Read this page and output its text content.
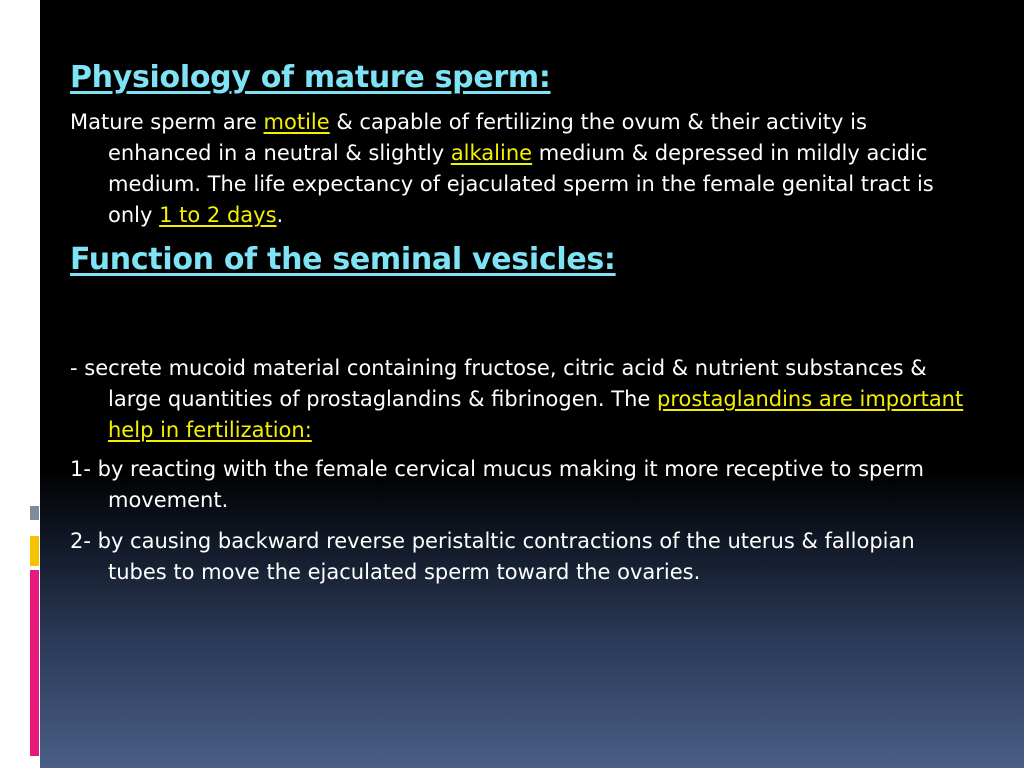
Physiology of mature sperm:

Mature sperm are motile & capable of fertilizing the ovum & their activity is enhanced in a neutral & slightly alkaline medium & depressed in mildly acidic medium. The life expectancy of ejaculated sperm in the female genital tract is only 1 to 2 days.

Function of the seminal vesicles:

- secrete mucoid material containing fructose, citric acid & nutrient substances & large quantities of prostaglandins & fibrinogen. The prostaglandins are important help in fertilization:

1- by reacting with the female cervical mucus making it more receptive to sperm movement.

2- by causing backward reverse peristaltic contractions of the uterus & fallopian tubes to move the ejaculated sperm toward the ovaries.
